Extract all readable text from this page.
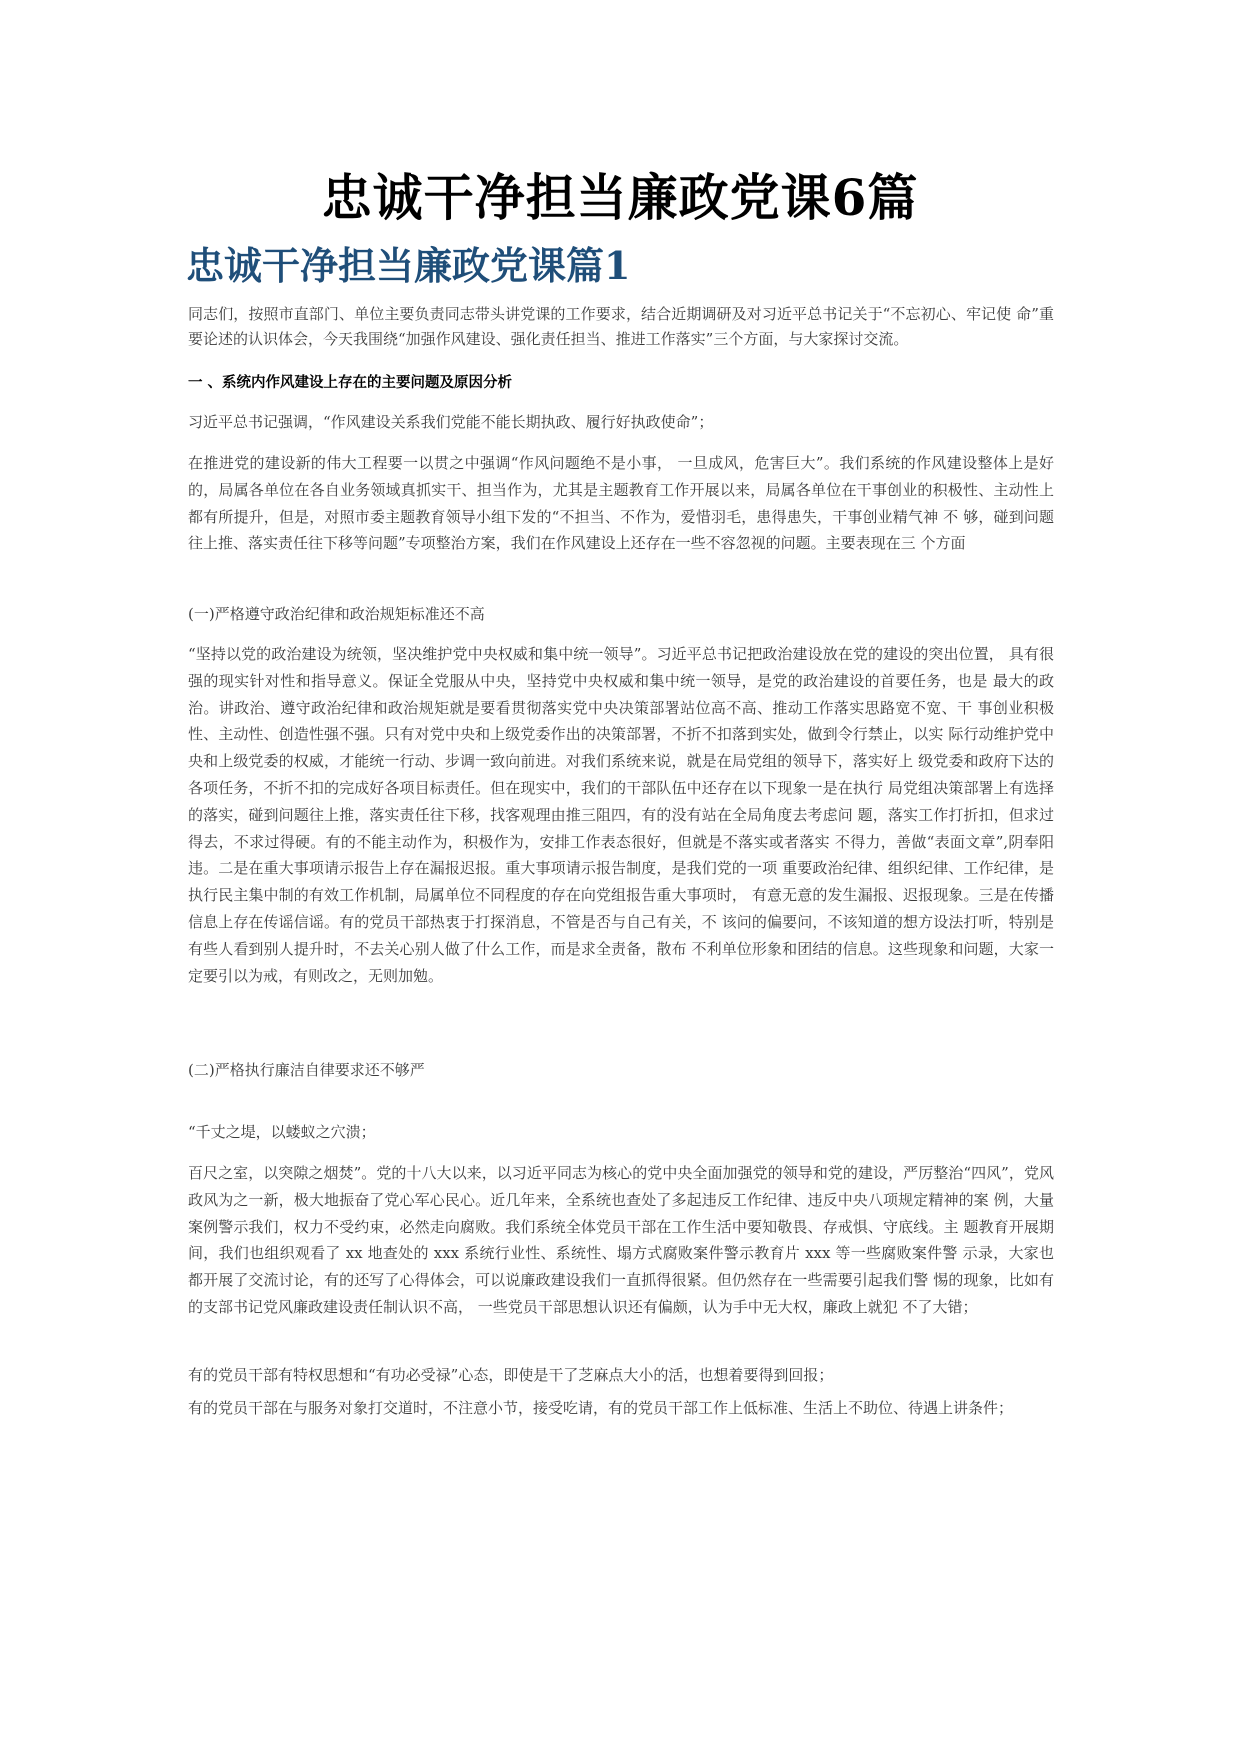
忠诚干净担当廉政党课6篇
忠诚干净担当廉政党课篇1

同志们，按照市直部门、单位主要负责同志带头讲党课的工作要求，结合近期调研及对习近平总书记关于“不忘初心、牢记使 命”重要论述的认识体会，今天我围绕“加强作风建设、强化责任担当、推进工作落实”三个方面，与大家探讨交流。

一 、系统内作风建设上存在的主要问题及原因分析

习近平总书记强调，“作风建设关系我们党能不能长期执政、履行好执政使命”；

在推进党的建设新的伟大工程要一以贯之中强调“作风问题绝不是小事， 一旦成风，危害巨大”。我们系统的作风建设整体上是好的，局属各单位在各自业务领域真抓实干、担当作为，尤其是主题教育工作开展以来，局属各单位在干事创业的积极性、主动性上都有所提升，但是，对照市委主题教育领导小组下发的“不担当、不作为，爱惜羽毛，患得患失，干事创业精气神 不 够，碰到问题往上推、落实责任往下移等问题”专项整治方案，我们在作风建设上还存在一些不容忽视的问题。主要表现在三 个方面

(一)严格遵守政治纪律和政治规矩标准还不高

“坚持以党的政治建设为统领，坚决维护党中央权威和集中统一领导”。习近平总书记把政治建设放在党的建设的突出位置， 具有很强的现实针对性和指导意义。保证全党服从中央，坚持党中央权威和集中统一领导，是党的政治建设的首要任务，也是 最大的政治。讲政治、遵守政治纪律和政治规矩就是要看贯彻落实党中央决策部署站位高不高、推动工作落实思路宽不宽、干 事创业积极性、主动性、创造性强不强。只有对党中央和上级党委作出的决策部署，不折不扣落到实处，做到令行禁止，以实 际行动维护党中央和上级党委的权威，才能统一行动、步调一致向前进。对我们系统来说，就是在局党组的领导下，落实好上 级党委和政府下达的各项任务，不折不扣的完成好各项目标责任。但在现实中，我们的干部队伍中还存在以下现象一是在执行 局党组决策部署上有选择的落实，碰到问题往上推，落实责任往下移，找客观理由推三阻四，有的没有站在全局角度去考虑问 题，落实工作打折扣，但求过得去，不求过得硬。有的不能主动作为，积极作为，安排工作表态很好，但就是不落实或者落实 不得力，善做“表面文章”,阴奉阳违。二是在重大事项请示报告上存在漏报迟报。重大事项请示报告制度，是我们党的一项 重要政治纪律、组织纪律、工作纪律，是执行民主集中制的有效工作机制，局属单位不同程度的存在向党组报告重大事项时， 有意无意的发生漏报、迟报现象。三是在传播信息上存在传谣信谣。有的党员干部热衷于打探消息，不管是否与自己有关，不 该问的偏要问，不该知道的想方设法打听，特别是有些人看到别人提升时，不去关心别人做了什么工作，而是求全责备，散布 不利单位形象和团结的信息。这些现象和问题，大家一定要引以为戒，有则改之，无则加勉。

(二)严格执行廉洁自律要求还不够严

“千丈之堤，以蝼蚁之穴溃；

百尺之室，以突隙之烟焚”。党的十八大以来，以习近平同志为核心的党中央全面加强党的领导和党的建设，严厉整治“四风”，党风政风为之一新，极大地振奋了党心军心民心。近几年来，全系统也查处了多起违反工作纪律、违反中央八项规定精神的案 例，大量案例警示我们，权力不受约束，必然走向腐败。我们系统全体党员干部在工作生活中要知敬畏、存戒惧、守底线。主 题教育开展期间，我们也组织观看了 xx 地查处的 xxx 系统行业性、系统性、塌方式腐败案件警示教育片 xxx 等一些腐败案件警 示录，大家也都开展了交流讨论，有的还写了心得体会，可以说廉政建设我们一直抓得很紧。但仍然存在一些需要引起我们警 惕的现象，比如有的支部书记党风廉政建设责任制认识不高， 一些党员干部思想认识还有偏颇，认为手中无大权，廉政上就犯 不了大错；

有的党员干部有特权思想和“有功必受禄”心态，即使是干了芝麻点大小的活，也想着要得到回报；

有的党员干部在与服务对象打交道时，不注意小节，接受吃请，有的党员干部工作上低标准、生活上不助位、待遇上讲条件；
